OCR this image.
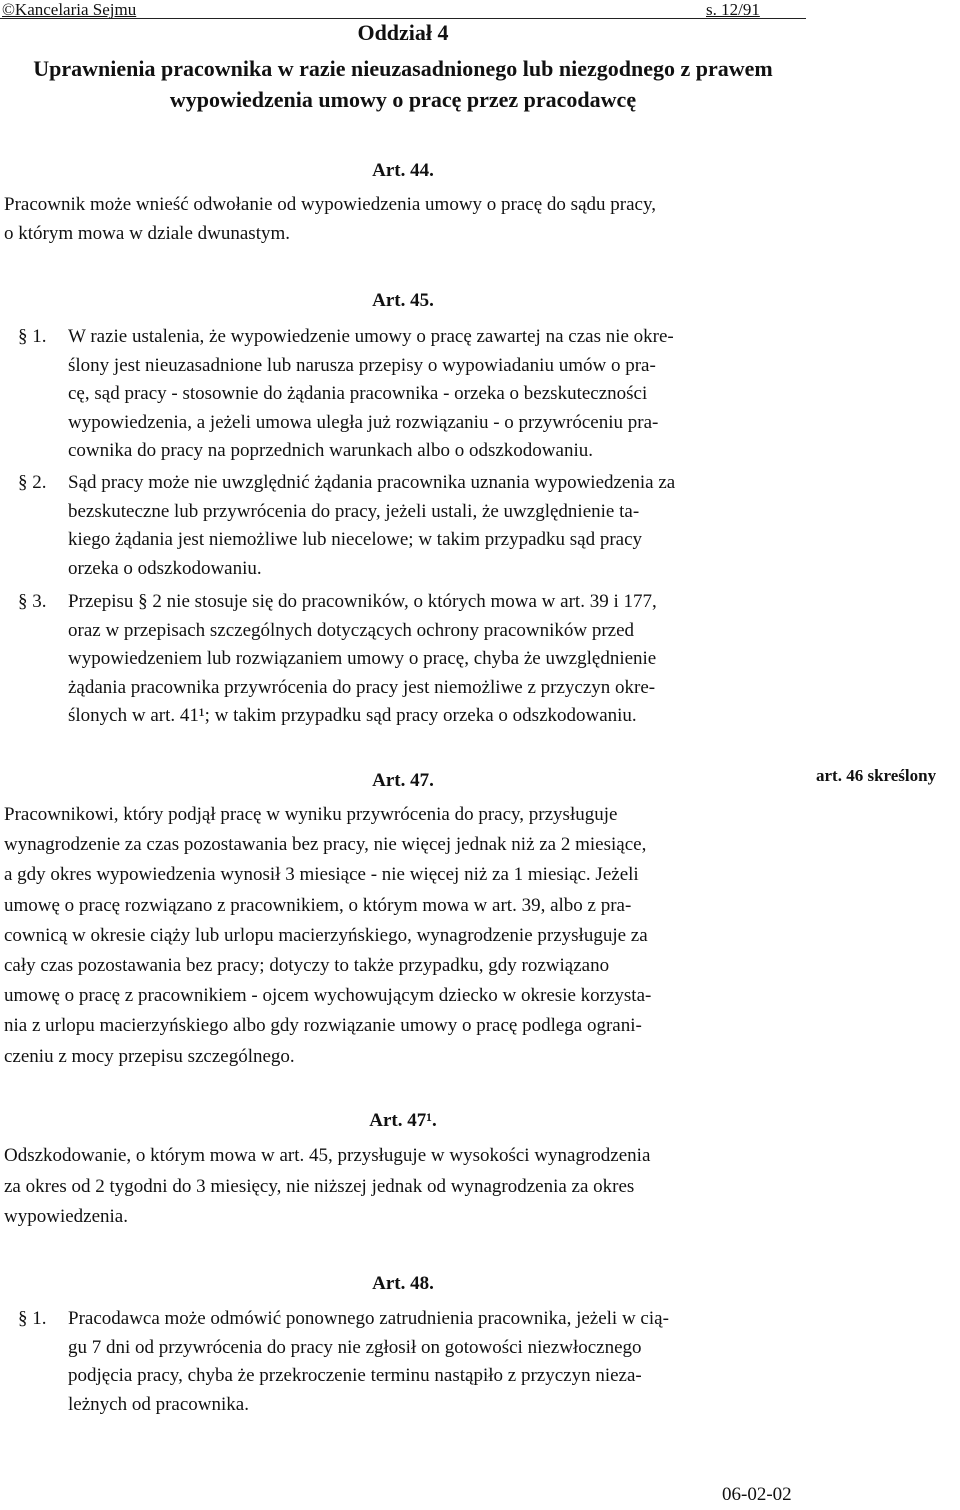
©Kancelaria Sejmu	s. 12/91
Oddział 4
Uprawnienia pracownika w razie nieuzasadnionego lub niezgodnego z prawem
wypowiedzenia umowy o pracę przez pracodawcę
Art. 44.
Pracownik może wnieść odwołanie od wypowiedzenia umowy o pracę do sądu pracy,
o którym mowa w dziale dwunastym.
Art. 45.
§ 1. W razie ustalenia, że wypowiedzenie umowy o pracę zawartej na czas nie okre-
ślony jest nieuzasadnione lub narusza przepisy o wypowiadaniu umów o pra-
cę, sąd pracy - stosownie do żądania pracownika - orzeka o bezskuteczności
wypowiedzenia, a jeżeli umowa uległa już rozwiązaniu - o przywróceniu pra-
cownika do pracy na poprzednich warunkach albo o odszkodowaniu.
§ 2. Sąd pracy może nie uwzględnić żądania pracownika uznania wypowiedzenia za
bezskuteczne lub przywrócenia do pracy, jeżeli ustali, że uwzględnienie ta-
kiego żądania jest niemożliwe lub niecelowe; w takim przypadku sąd pracy
orzeka o odszkodowaniu.
§ 3. Przepisu § 2 nie stosuje się do pracowników, o których mowa w art. 39 i 177,
oraz w przepisach szczególnych dotyczących ochrony pracowników przed
wypowiedzeniem lub rozwiązaniem umowy o pracę, chyba że uwzględnienie
żądania pracownika przywrócenia do pracy jest niemożliwe z przyczyn okre-
ślonych w art. 41¹; w takim przypadku sąd pracy orzeka o odszkodowaniu.
art. 46 skreślony
Art. 47.
Pracownikowi, który podjął pracę w wyniku przywrócenia do pracy, przysługuje
wynagrodzenie za czas pozostawania bez pracy, nie więcej jednak niż za 2 miesiące,
a gdy okres wypowiedzenia wynosił 3 miesiące - nie więcej niż za 1 miesiąc. Jeżeli
umowę o pracę rozwiązano z pracownikiem, o którym mowa w art. 39, albo z pra-
cownicą w okresie ciąży lub urlopu macierzyńskiego, wynagrodzenie przysługuje za
cały czas pozostawania bez pracy; dotyczy to także przypadku, gdy rozwiązano
umowę o pracę z pracownikiem - ojcem wychowującym dziecko w okresie korzysta-
nia z urlopu macierzyńskiego albo gdy rozwiązanie umowy o pracę podlega ograni-
czeniu z mocy przepisu szczególnego.
Art. 47¹.
Odszkodowanie, o którym mowa w art. 45, przysługuje w wysokości wynagrodzenia
za okres od 2 tygodni do 3 miesięcy, nie niższej jednak od wynagrodzenia za okres
wypowiedzenia.
Art. 48.
§ 1. Pracodawca może odmówić ponownego zatrudnienia pracownika, jeżeli w cią-
gu 7 dni od przywrócenia do pracy nie zgłosił on gotowości niezwłocznego
podjęcia pracy, chyba że przekroczenie terminu nastąpiło z przyczyn nieza-
leżnych od pracownika.
06-02-02
